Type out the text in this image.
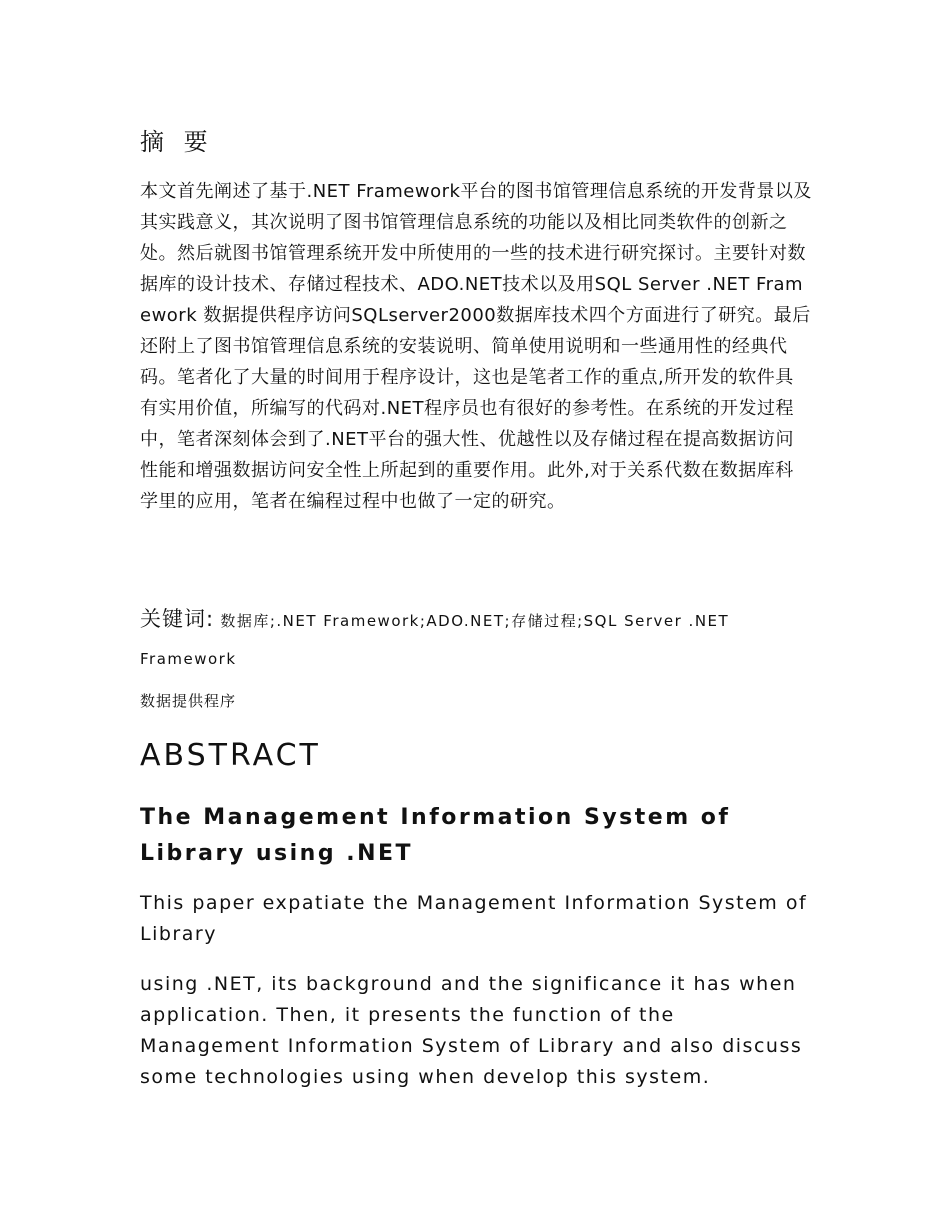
摘 要

本文首先阐述了基于.NET Framework平台的图书馆管理信息系统的开发背景以及其实践意义，其次说明了图书馆管理信息系统的功能以及相比同类软件的创新之处。然后就图书馆管理系统开发中所使用的一些的技术进行研究探讨。主要针对数据库的设计技术、存储过程技术、ADO.NET技术以及用SQL Server .NET Framework 数据提供程序访问SQLserver2000数据库技术四个方面进行了研究。最后还附上了图书馆管理信息系统的安装说明、简单使用说明和一些通用性的经典代码。笔者化了大量的时间用于程序设计，这也是笔者工作的重点,所开发的软件具有实用价值，所编写的代码对.NET程序员也有很好的参考性。在系统的开发过程中，笔者深刻体会到了.NET平台的强大性、优越性以及存储过程在提高数据访问性能和增强数据访问安全性上所起到的重要作用。此外,对于关系代数在数据库科学里的应用，笔者在编程过程中也做了一定的研究。

关键词: 数据库;.NET Framework;ADO.NET;存储过程;SQL Server .NET Framework

数据提供程序

ABSTRACT
The Management Information System of Library using .NET

This paper expatiate the Management Information System of Library

using .NET, its background and the significance it has when application. Then, it presents the function of the Management Information System of Library and also discuss some technologies using when develop this system.
